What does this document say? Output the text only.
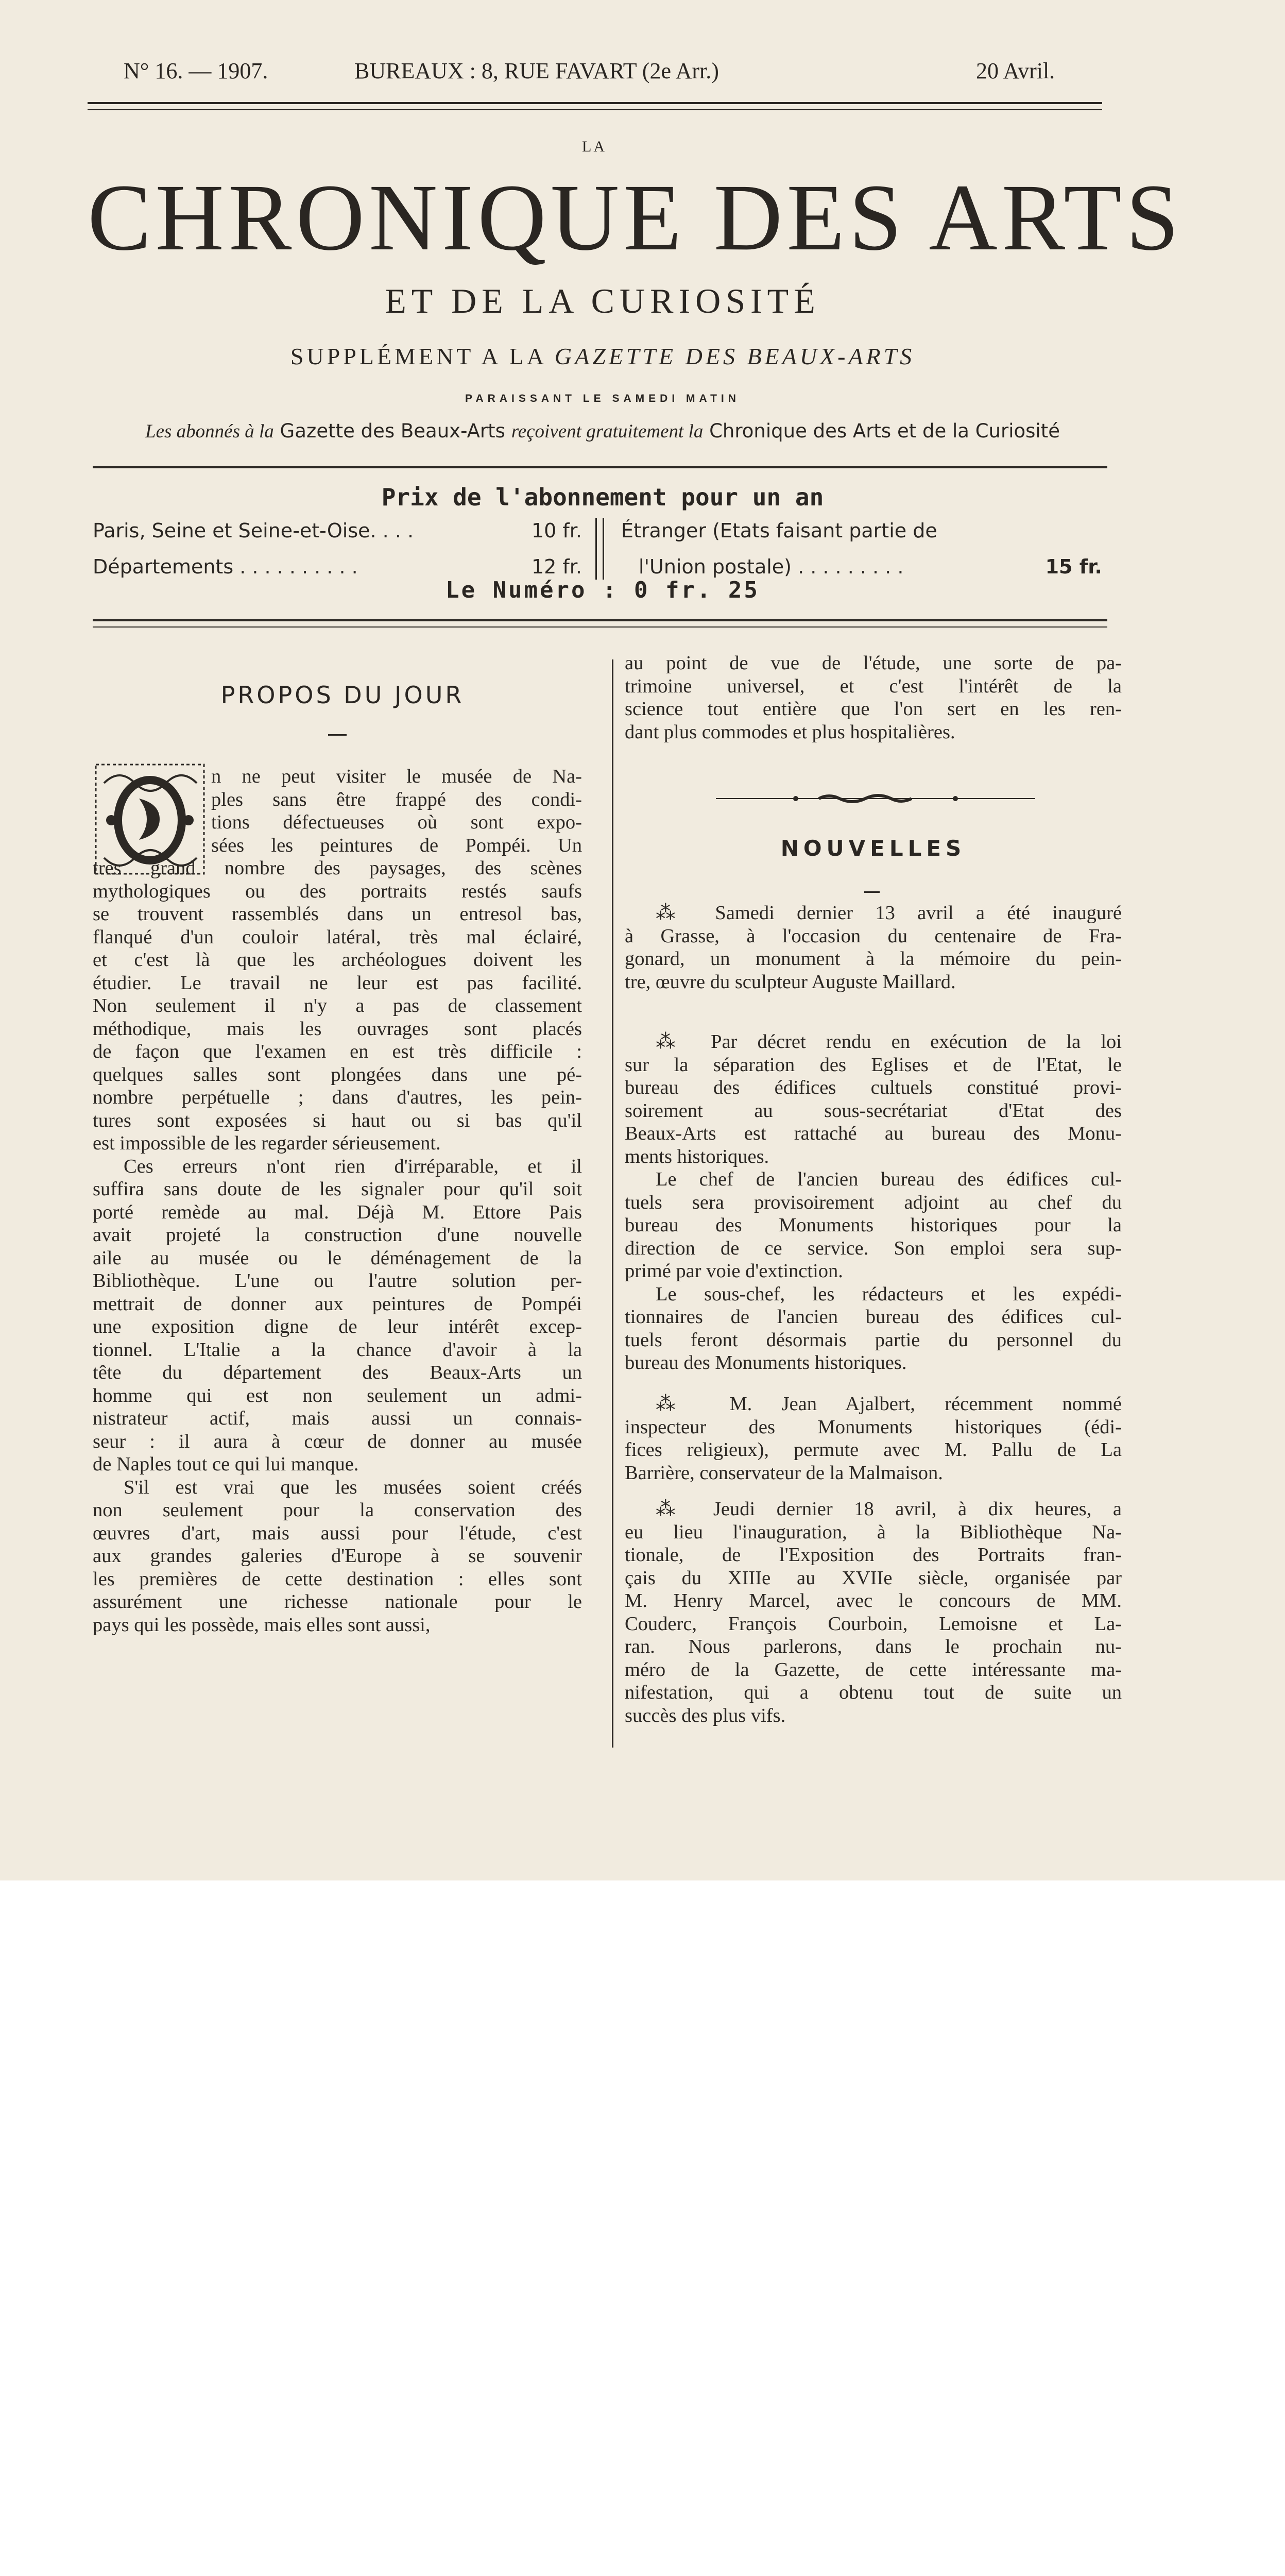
N° 16. — 1907.	BUREAUX : 8, RUE FAVART (2e Arr.)	20 Avril.
LA
CHRONIQUE DES ARTS
ET DE LA CURIOSITÉ
SUPPLÉMENT A LA GAZETTE DES BEAUX-ARTS
PARAISSANT LE SAMEDI MATIN
Les abonnés à la Gazette des Beaux-Arts reçoivent gratuitement la Chronique des Arts et de la Curiosité
Prix de l'abonnement pour un an
Paris, Seine et Seine-et-Oise. . . .	10 fr.
Départements . . . . . . . . . .	12 fr.
Étranger (Etats faisant partie de
l'Union postale) . . . . . . . . .	15 fr.
Le Numéro : 0 fr. 25
PROPOS DU JOUR
n ne peut visiter le musée de Na-
ples sans être frappé des condi-
tions défectueuses où sont expo-
sées les peintures de Pompéi. Un
très grand nombre des paysages, des scènes
mythologiques ou des portraits restés saufs
se trouvent rassemblés dans un entresol bas,
flanqué d'un couloir latéral, très mal éclairé,
et c'est là que les archéologues doivent les
étudier. Le travail ne leur est pas facilité.
Non seulement il n'y a pas de classement
méthodique, mais les ouvrages sont placés
de façon que l'examen en est très difficile :
quelques salles sont plongées dans une pé-
nombre perpétuelle ; dans d'autres, les pein-
tures sont exposées si haut ou si bas qu'il
est impossible de les regarder sérieusement.
Ces erreurs n'ont rien d'irréparable, et il
suffira sans doute de les signaler pour qu'il soit
porté remède au mal. Déjà M. Ettore Pais
avait projeté la construction d'une nouvelle
aile au musée ou le déménagement de la
Bibliothèque. L'une ou l'autre solution per-
mettrait de donner aux peintures de Pompéi
une exposition digne de leur intérêt excep-
tionnel. L'Italie a la chance d'avoir à la
tête du département des Beaux-Arts un
homme qui est non seulement un admi-
nistrateur actif, mais aussi un connais-
seur : il aura à cœur de donner au musée
de Naples tout ce qui lui manque.
S'il est vrai que les musées soient créés
non seulement pour la conservation des
œuvres d'art, mais aussi pour l'étude, c'est
aux grandes galeries d'Europe à se souvenir
les premières de cette destination : elles sont
assurément une richesse nationale pour le
pays qui les possède, mais elles sont aussi,
au point de vue de l'étude, une sorte de pa-
trimoine universel, et c'est l'intérêt de la
science tout entière que l'on sert en les ren-
dant plus commodes et plus hospitalières.
NOUVELLES
⁂ Samedi dernier 13 avril a été inauguré
à Grasse, à l'occasion du centenaire de Fra-
gonard, un monument à la mémoire du pein-
tre, œuvre du sculpteur Auguste Maillard.
⁂ Par décret rendu en exécution de la loi
sur la séparation des Eglises et de l'Etat, le
bureau des édifices cultuels constitué provi-
soirement au sous-secrétariat d'Etat des
Beaux-Arts est rattaché au bureau des Monu-
ments historiques.
Le chef de l'ancien bureau des édifices cul-
tuels sera provisoirement adjoint au chef du
bureau des Monuments historiques pour la
direction de ce service. Son emploi sera sup-
primé par voie d'extinction.
Le sous-chef, les rédacteurs et les expédi-
tionnaires de l'ancien bureau des édifices cul-
tuels feront désormais partie du personnel du
bureau des Monuments historiques.
⁂ M. Jean Ajalbert, récemment nommé
inspecteur des Monuments historiques (édi-
fices religieux), permute avec M. Pallu de La
Barrière, conservateur de la Malmaison.
⁂ Jeudi dernier 18 avril, à dix heures, a
eu lieu l'inauguration, à la Bibliothèque Na-
tionale, de l'Exposition des Portraits fran-
çais du XIIIe au XVIIe siècle, organisée par
M. Henry Marcel, avec le concours de MM.
Couderc, François Courboin, Lemoisne et La-
ran. Nous parlerons, dans le prochain nu-
méro de la Gazette, de cette intéressante ma-
nifestation, qui a obtenu tout de suite un
succès des plus vifs.
